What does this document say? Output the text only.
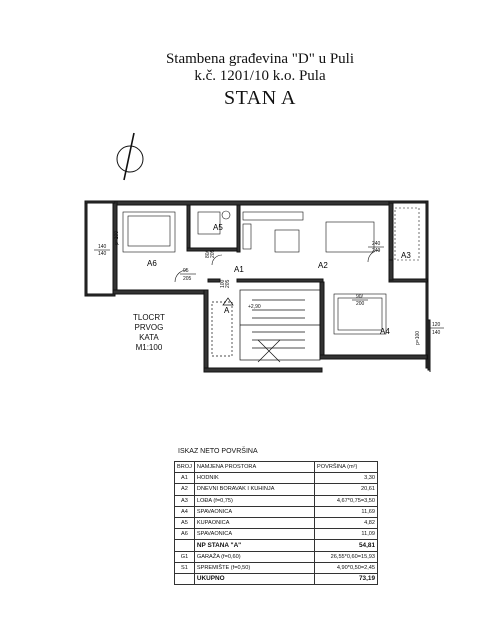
Stambena građevina "D" u Puli
k.č. 1201/10 k.o. Pula
STAN A
A6
A5
A1	A2
A3
A4
A
140
140
p=100
95
205
80/ 205
100 205
240
240
90/
200
+2,90
p=100
120
140
TLOCRT
PRVOG
KATA
M1:100
ISKAZ NETO POVRŠINA
BROJ	NAMJENA PROSTORA	POVRŠINA (m²)
A1	HODNIK	3,30
A2	DNEVNI BORAVAK I KUHINJA	20,61
A3	LOĐA (f=0,75)	4,67*0,75=3,50
A4	SPAVAONICA	11,69
A5	KUPAONICA	4,82
A6	SPAVAONICA	11,09
	NP STANA "A"	54,81
G1	GARAŽA (f=0,60)	26,55*0,60=15,93
S1	SPREMIŠTE (f=0,50)	4,90*0,50=2,45
	UKUPNO	73,19
